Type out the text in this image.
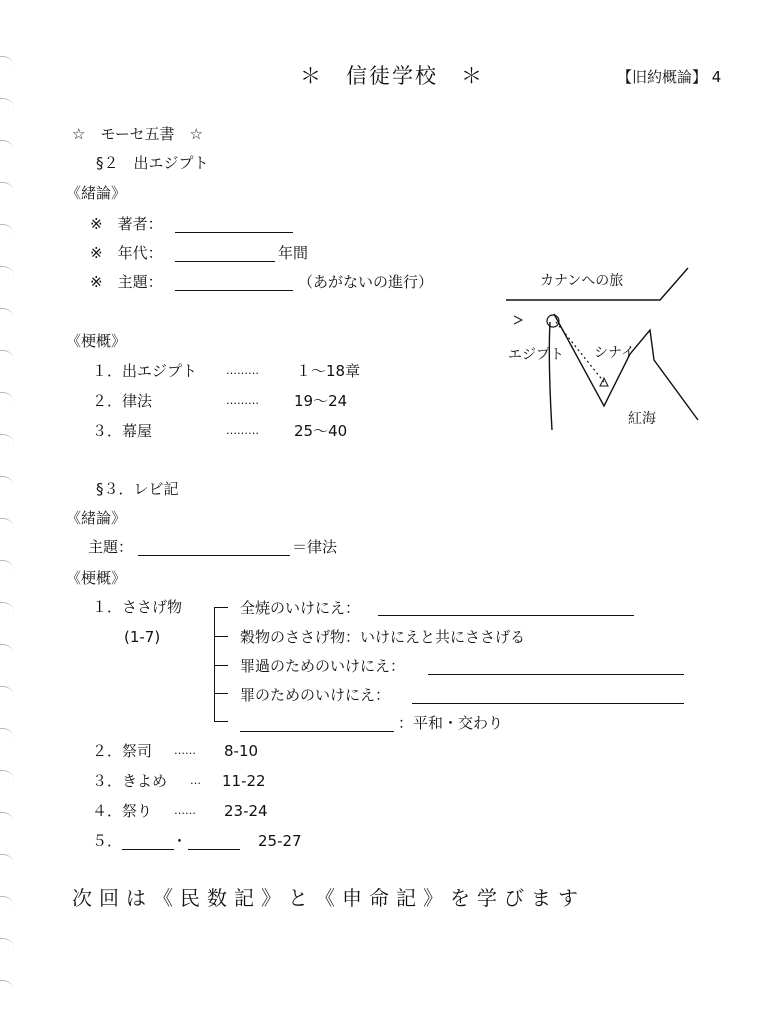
＊　信徒学校　＊	【旧約概論】 4
☆　モーセ五書　☆
§２　出エジプト
《緒論》
※　著者：
※　年代：	年間
※　主題：	（あがないの進行）
《梗概》
１． 出エジプト	……… １～18章
２． 律法	……… 19～24
３． 幕屋	……… 25～40
カナンへの旅
エジプト シナイ
紅海
§３．レビ記
《緒論》
主題：	＝律法
《梗概》
１．ささげ物
(1-7)
全焼のいけにえ：
穀物のささげ物：いけにえと共にささげる
罪過のためのいけにえ：
罪のためのいけにえ：
：平和・交わり
２． 祭司 …… 8-10
３． きよめ … 11-22
４． 祭り …… 23-24
５．	・	25-27
次回は《民数記》と《申命記》を学びます
